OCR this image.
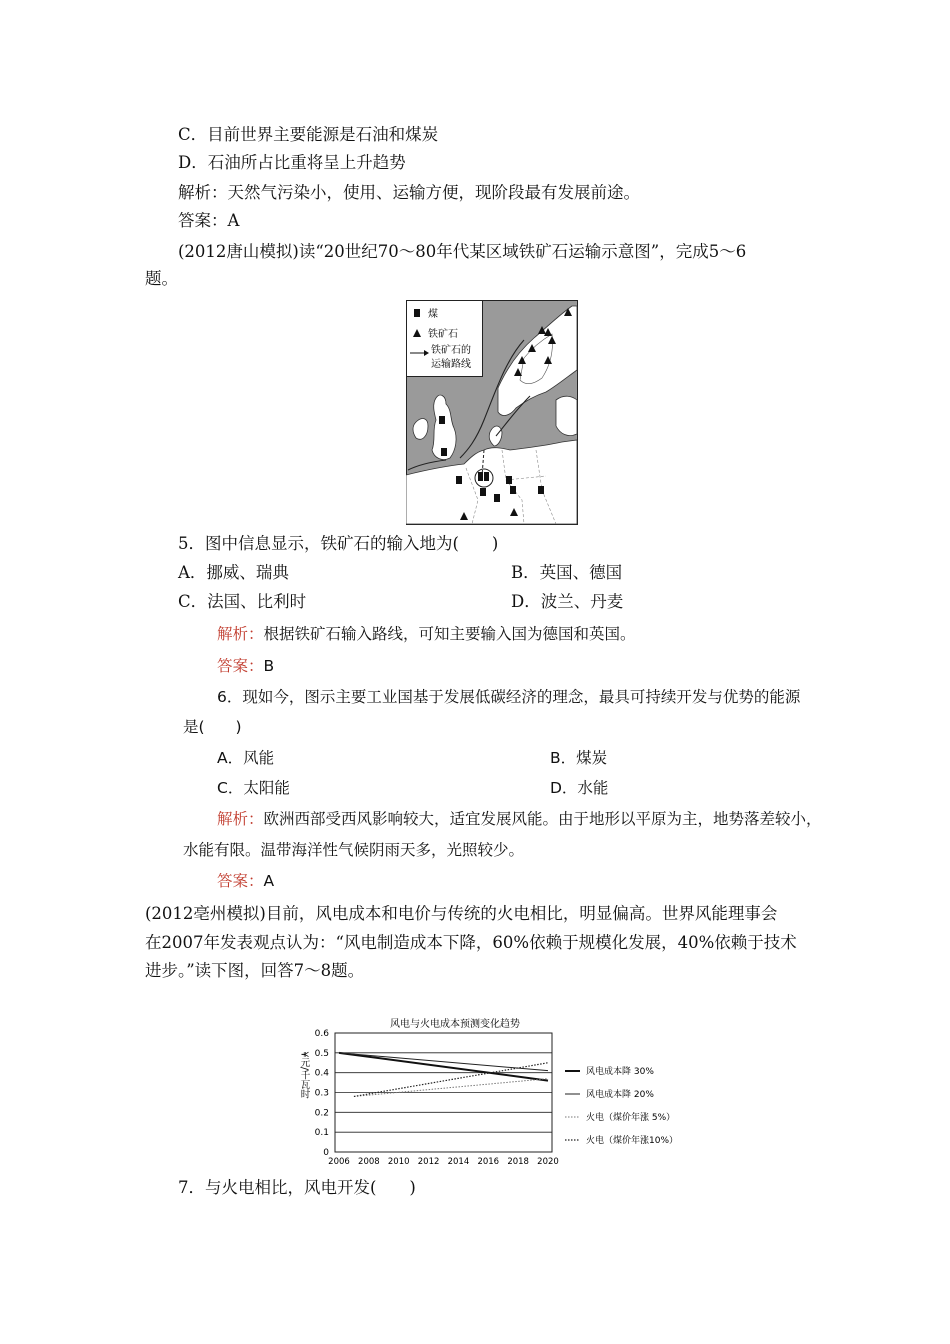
C．目前世界主要能源是石油和煤炭
D．石油所占比重将呈上升趋势
解析：天然气污染小，使用、运输方便，现阶段最有发展前途。
答案：A
(2012唐山模拟)读“20世纪70～80年代某区域铁矿石运输示意图”，完成5～6
题。
煤
铁矿石
铁矿石的
运输路线
5．图中信息显示，铁矿石的输入地为(　　)
A．挪威、瑞典	B．英国、德国
C．法国、比利时	D．波兰、丹麦
解析：根据铁矿石输入路线，可知主要输入国为德国和英国。
答案：B
6．现如今，图示主要工业国基于发展低碳经济的理念，最具可持续开发与优势的能源
是(　　)
A．风能	B．煤炭
C．太阳能	D．水能
解析：欧洲西部受西风影响较大，适宜发展风能。由于地形以平原为主，地势落差较小，
水能有限。温带海洋性气候阴雨天多，光照较少。
答案：A
(2012亳州模拟)目前，风电成本和电价与传统的火电相比，明显偏高。世界风能理事会
在2007年发表观点认为：“风电制造成本下降，60%依赖于规模化发展，40%依赖于技术
进步。”读下图，回答7～8题。
风电与火电成本预测变化趋势
¥元/千瓦时
0
0.1
0.2
0.3
0.4
0.5
0.6
2006 2008 2010 2012 2014 2016 2018 2020
风电成本降 30%
风电成本降 20%
火电（煤价年涨 5%）
火电（煤价年涨10%）
7．与火电相比，风电开发(　　)
